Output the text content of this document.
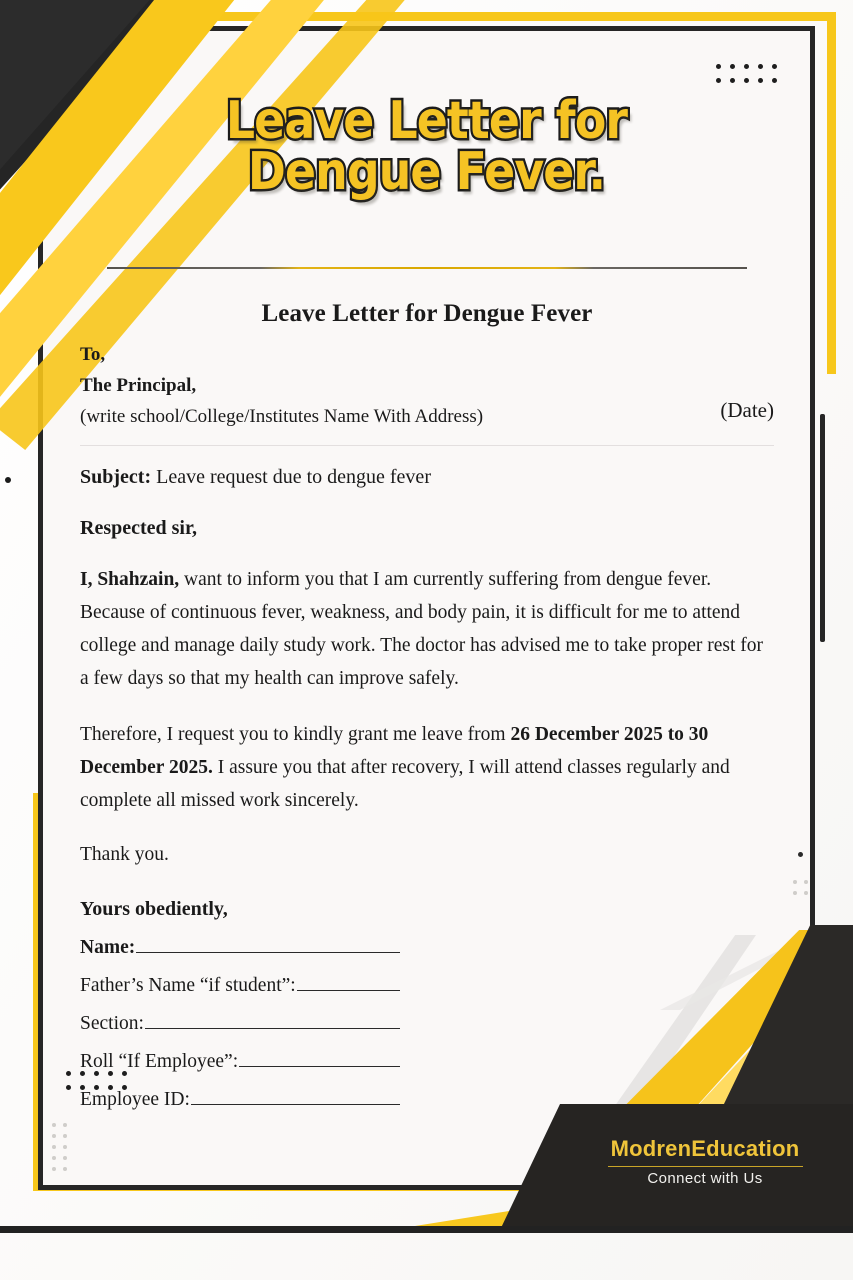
Leave Letter for
Dengue Fever.
Leave Letter for Dengue Fever

To,

The Principal,

(write school/College/Institutes Name With Address)	(Date)

Subject: Leave request due to dengue fever

Respected sir,

I, Shahzain, want to inform you that I am currently suffering from dengue fever. Because of continuous fever, weakness, and body pain, it is difficult for me to attend college and manage daily study work. The doctor has advised me to take proper rest for a few days so that my health can improve safely.

Therefore, I request you to kindly grant me leave from 26 December 2025 to 30 December 2025. I assure you that after recovery, I will attend classes regularly and complete all missed work sincerely.

Thank you.

Yours obediently,

Name:
Father’s Name “if student”:
Section:
Roll “If Employee”:
Employee ID:
ModrenEducation
Connect with Us
